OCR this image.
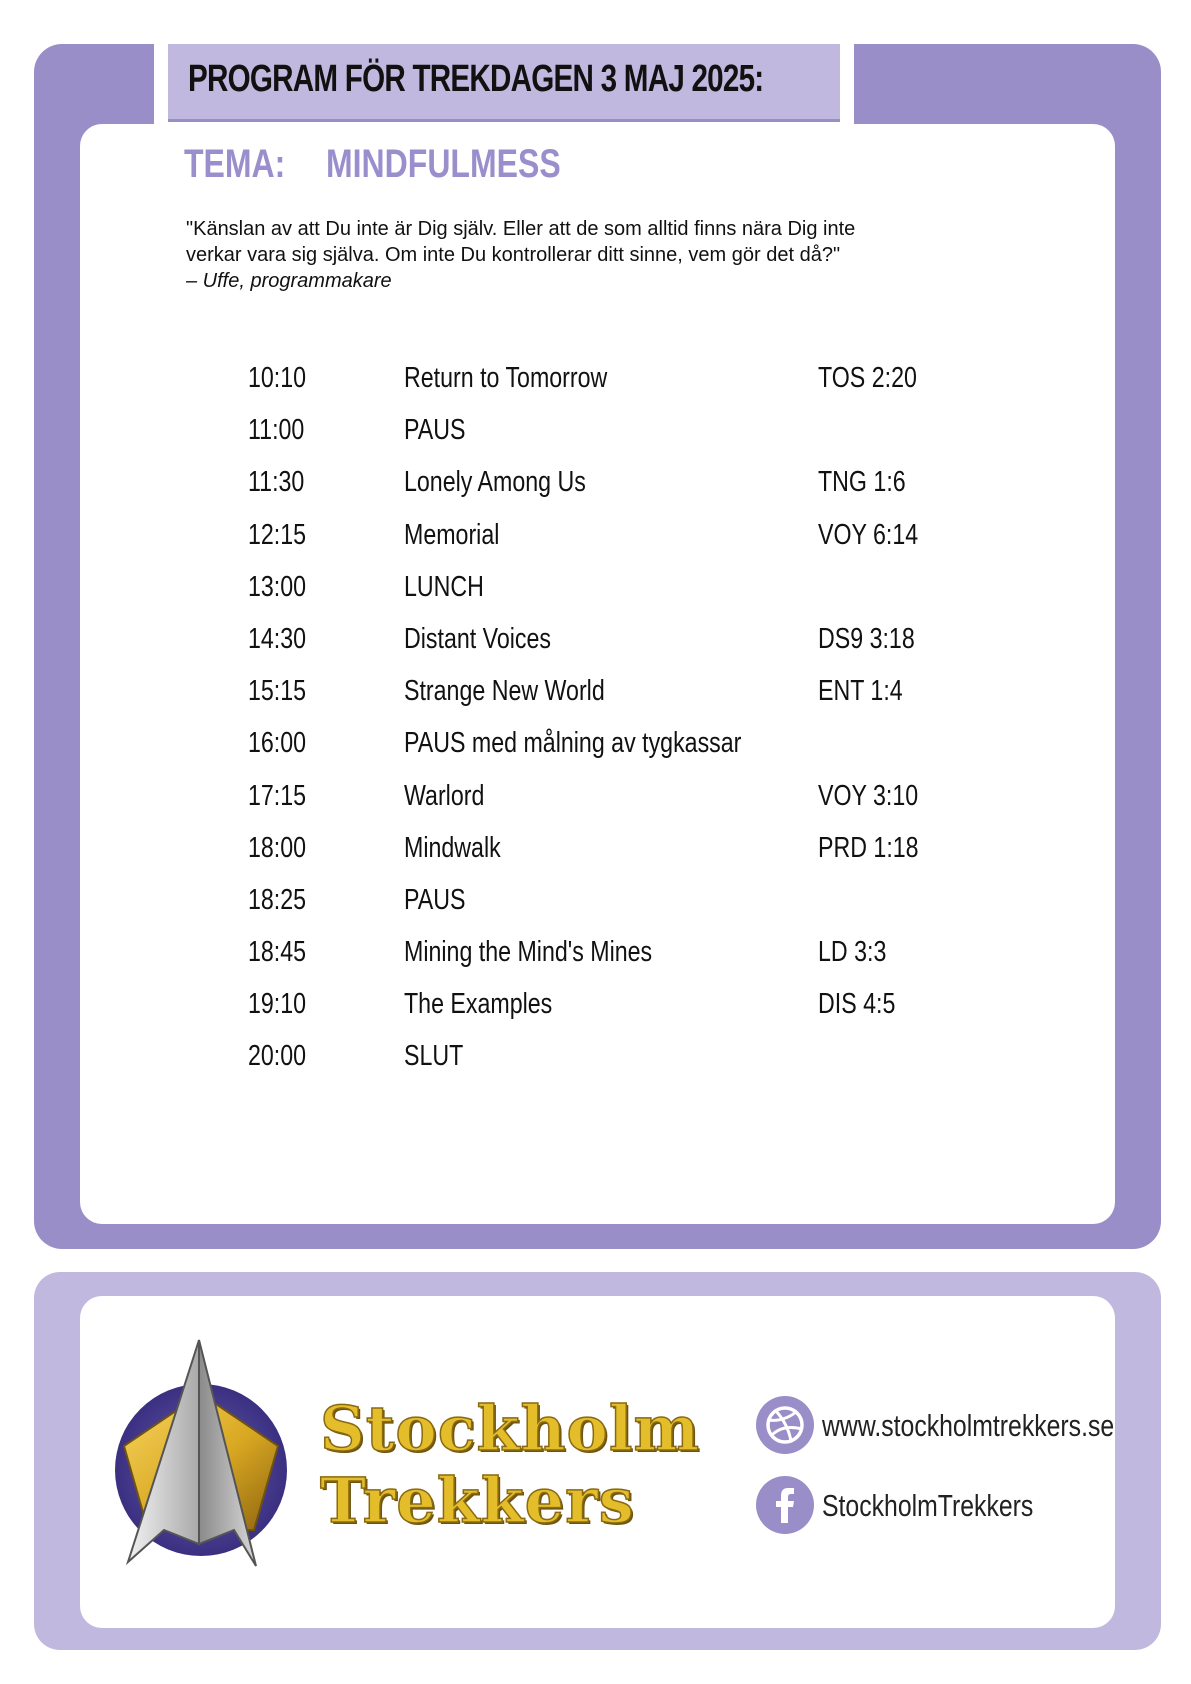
PROGRAM FÖR TREKDAGEN 3 MAJ 2025:
TEMA: MINDFULMESS

"Känslan av att Du inte är Dig själv. Eller att de som alltid finns nära Dig inte

verkar vara sig själva. Om inte Du kontrollerar ditt sinne, vem gör det då?"

– Uffe, programmakare

10:10	Return to Tomorrow	TOS 2:20
11:00	PAUS
11:30	Lonely Among Us	TNG 1:6
12:15	Memorial	VOY 6:14
13:00	LUNCH
14:30	Distant Voices	DS9 3:18
15:15	Strange New World	ENT 1:4
16:00	PAUS med målning av tygkassar
17:15	Warlord	VOY 3:10
18:00	Mindwalk	PRD 1:18
18:25	PAUS
18:45	Mining the Mind's Mines	LD 3:3
19:10	The Examples	DIS 4:5
20:00	SLUT

Stockholm

Trekkers

www.stockholmtrekkers.se
StockholmTrekkers
